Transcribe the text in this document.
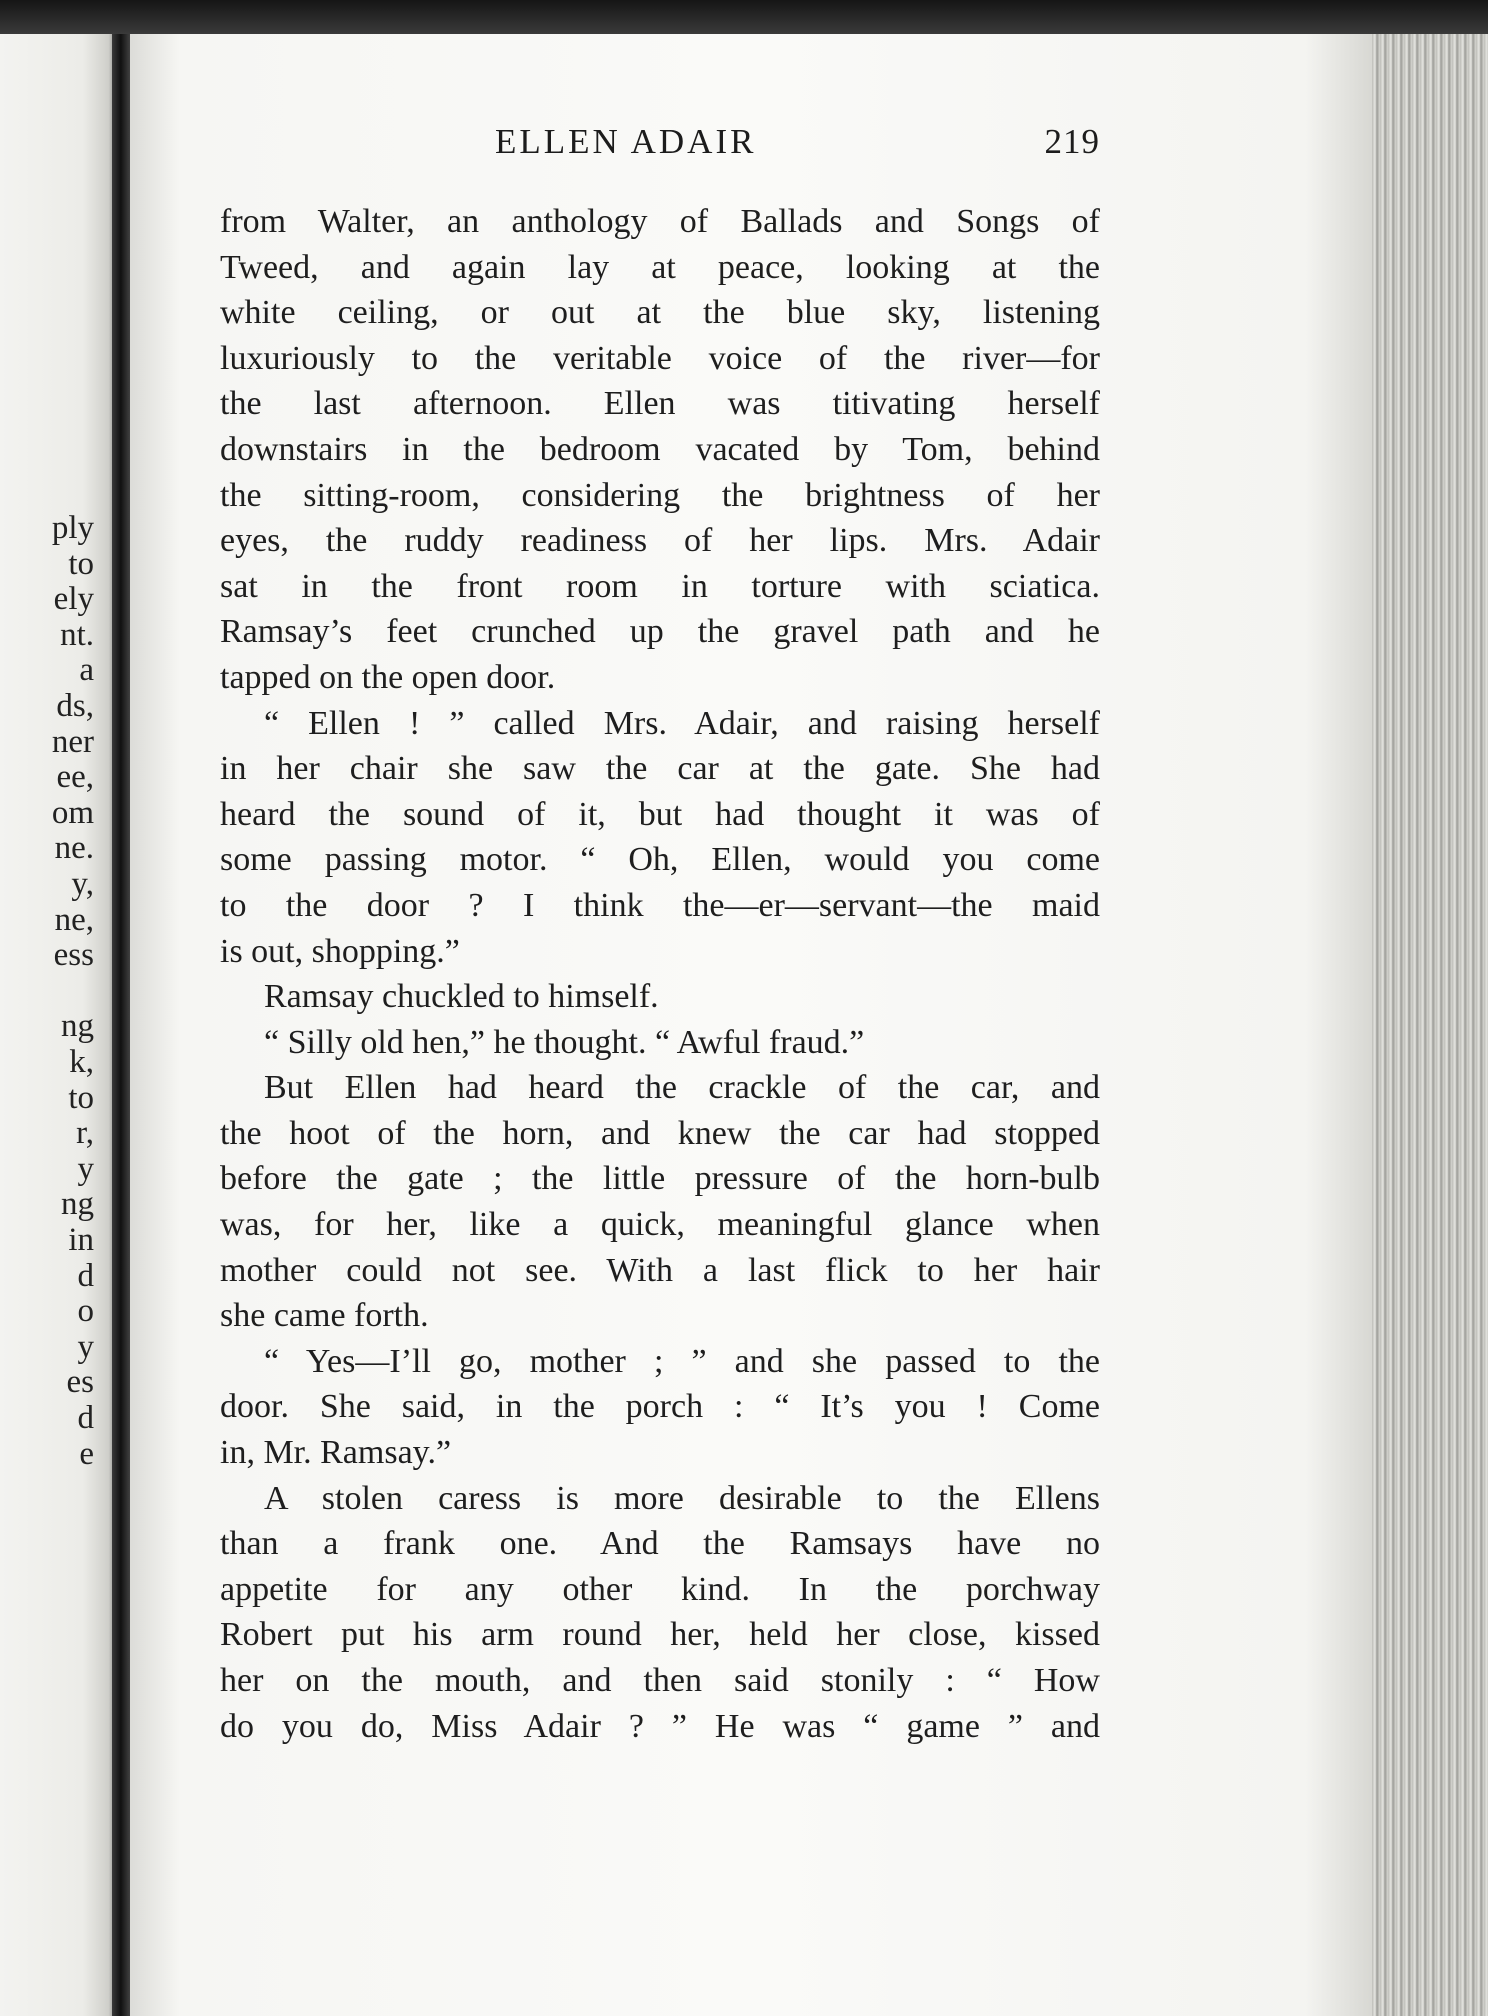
ply
to
ely
nt.
a
ds,
ner
ee,
om
ne.
y,
ne,
ess
ng
k,
to
r,
y
ng
in
d
o
y
es
d
e
ELLEN ADAIR	219
from Walter, an anthology of Ballads and Songs of
Tweed, and again lay at peace, looking at the
white ceiling, or out at the blue sky, listening
luxuriously to the veritable voice of the river—for
the last afternoon. Ellen was titivating herself
downstairs in the bedroom vacated by Tom, behind
the sitting-room, considering the brightness of her
eyes, the ruddy readiness of her lips. Mrs. Adair
sat in the front room in torture with sciatica.
Ramsay’s feet crunched up the gravel path and he
tapped on the open door.
“ Ellen ! ” called Mrs. Adair, and raising herself
in her chair she saw the car at the gate. She had
heard the sound of it, but had thought it was of
some passing motor. “ Oh, Ellen, would you come
to the door ? I think the—er—servant—the maid
is out, shopping.”
Ramsay chuckled to himself.
“ Silly old hen,” he thought. “ Awful fraud.”
But Ellen had heard the crackle of the car, and
the hoot of the horn, and knew the car had stopped
before the gate ; the little pressure of the horn-bulb
was, for her, like a quick, meaningful glance when
mother could not see. With a last flick to her hair
she came forth.
“ Yes—I’ll go, mother ; ” and she passed to the
door. She said, in the porch : “ It’s you ! Come
in, Mr. Ramsay.”
A stolen caress is more desirable to the Ellens
than a frank one. And the Ramsays have no
appetite for any other kind. In the porchway
Robert put his arm round her, held her close, kissed
her on the mouth, and then said stonily : “ How
do you do, Miss Adair ? ” He was “ game ” and
